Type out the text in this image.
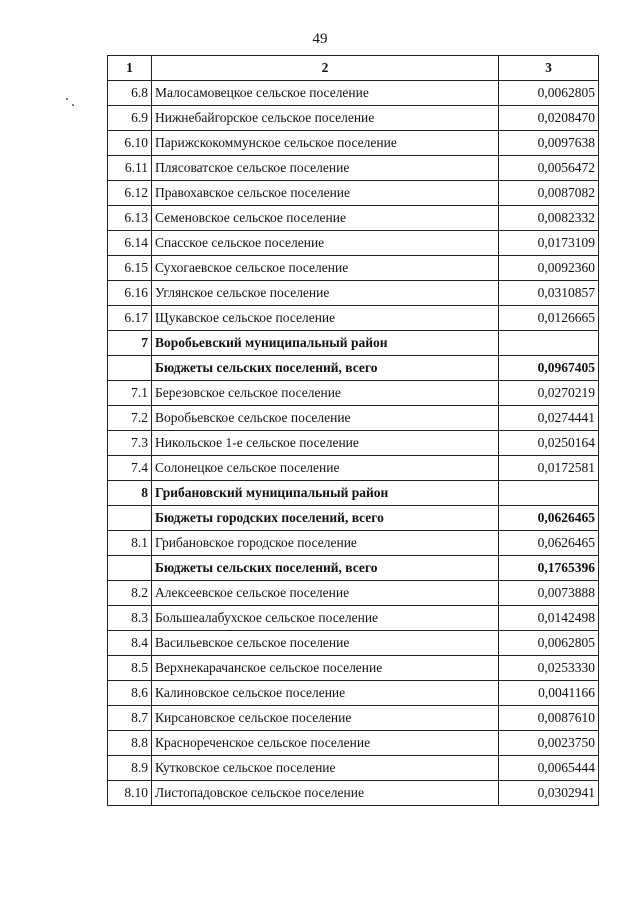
49
1	2	3
6.8	Малосамовецкое сельское поселение	0,0062805
6.9	Нижнебайгорское сельское поселение	0,0208470
6.10	Парижскокоммунское сельское поселение	0,0097638
6.11	Плясоватское сельское поселение	0,0056472
6.12	Правохавское сельское поселение	0,0087082
6.13	Семеновское сельское поселение	0,0082332
6.14	Спасское сельское поселение	0,0173109
6.15	Сухогаевское сельское поселение	0,0092360
6.16	Углянское сельское поселение	0,0310857
6.17	Щукавское сельское поселение	0,0126665
7	Воробьевский муниципальный район	
	Бюджеты сельских поселений, всего	0,0967405
7.1	Березовское сельское поселение	0,0270219
7.2	Воробьевское сельское поселение	0,0274441
7.3	Никольское 1-е сельское поселение	0,0250164
7.4	Солонецкое сельское поселение	0,0172581
8	Грибановский муниципальный район	
	Бюджеты городских поселений, всего	0,0626465
8.1	Грибановское городское поселение	0,0626465
	Бюджеты сельских поселений, всего	0,1765396
8.2	Алексеевское сельское поселение	0,0073888
8.3	Большеалабухское сельское поселение	0,0142498
8.4	Васильевское сельское поселение	0,0062805
8.5	Верхнекарачанское сельское поселение	0,0253330
8.6	Калиновское сельское поселение	0,0041166
8.7	Кирсановское сельское поселение	0,0087610
8.8	Краснореченское сельское поселение	0,0023750
8.9	Кутковское сельское поселение	0,0065444
8.10	Листопадовское сельское поселение	0,0302941
